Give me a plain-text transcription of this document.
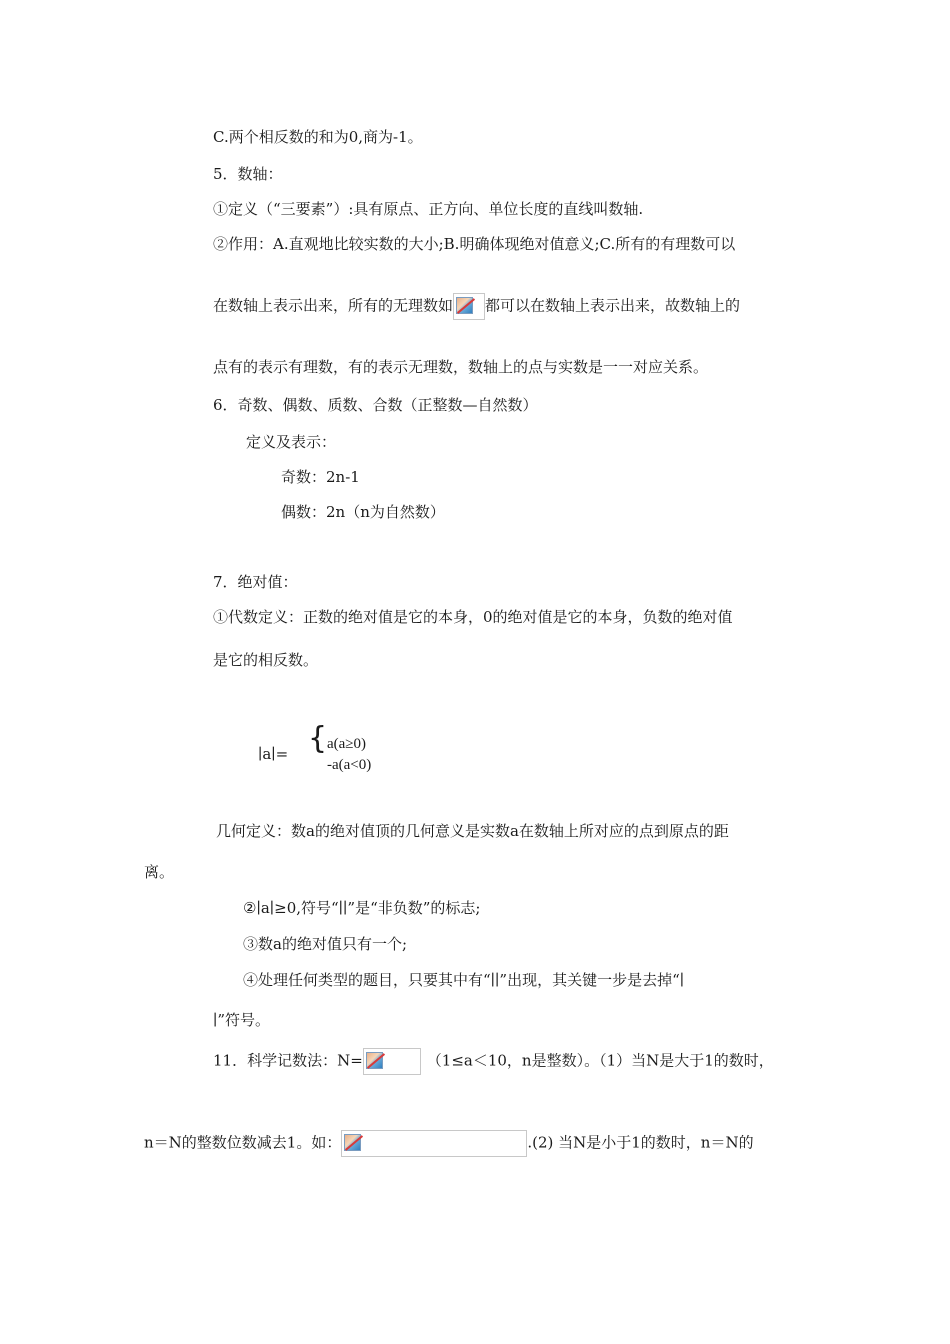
C.两个相反数的和为0,商为-1。
5．数轴：
①定义（“三要素”）:具有原点、正方向、单位长度的直线叫数轴.
②作用：A.直观地比较实数的大小;B.明确体现绝对值意义;C.所有的有理数可以
在数轴上表示出来，所有的无理数如 都可以在数轴上表示出来，故数轴上的
点有的表示有理数，有的表示无理数，数轴上的点与实数是一一对应关系。
6．奇数、偶数、质数、合数（正整数—自然数）
定义及表示：
奇数：2n-1
偶数：2n（n为自然数）
7．绝对值：
①代数定义：正数的绝对值是它的本身，0的绝对值是它的本身，负数的绝对值
是它的相反数。
∣a∣= { a(a≥0)
-a(a<0)
几何定义：数a的绝对值顶的几何意义是实数a在数轴上所对应的点到原点的距
离。
②∣a∣≥0,符号“∣∣”是“非负数”的标志;
③数a的绝对值只有一个;
④处理任何类型的题目，只要其中有“∣∣”出现，其关键一步是去掉“∣
∣”符号。
11．科学记数法：N=	（1≤a＜10，n是整数）。（1）当N是大于1的数时，
n＝N的整数位数减去1。如：	.(2) 当N是小于1的数时，n＝N的
